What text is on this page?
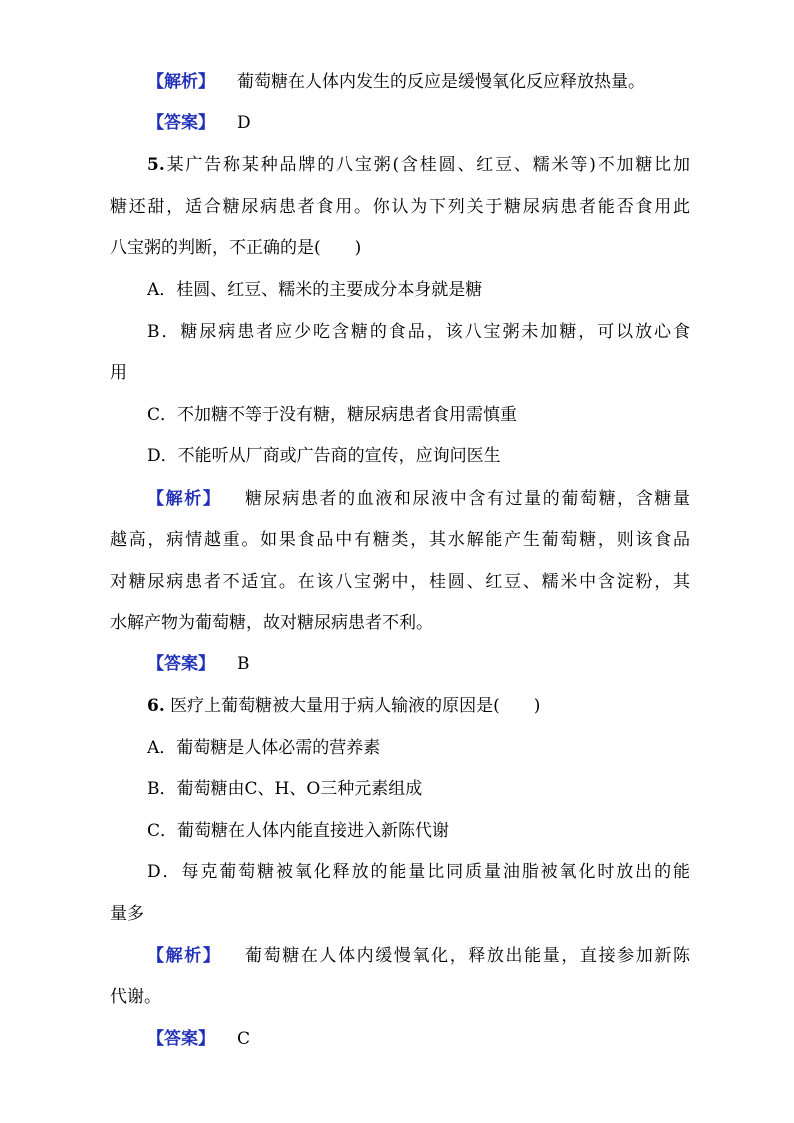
【解析】 葡萄糖在人体内发生的反应是缓慢氧化反应释放热量。
【答案】 D
5.某广告称某种品牌的八宝粥(含桂圆、红豆、糯米等)不加糖比加
糖还甜，适合糖尿病患者食用。你认为下列关于糖尿病患者能否食用此
八宝粥的判断，不正确的是(　　)
A．桂圆、红豆、糯米的主要成分本身就是糖
B．糖尿病患者应少吃含糖的食品，该八宝粥未加糖，可以放心食
用
C．不加糖不等于没有糖，糖尿病患者食用需慎重
D．不能听从厂商或广告商的宣传，应询问医生
【解析】 糖尿病患者的血液和尿液中含有过量的葡萄糖，含糖量
越高，病情越重。如果食品中有糖类，其水解能产生葡萄糖，则该食品
对糖尿病患者不适宜。在该八宝粥中，桂圆、红豆、糯米中含淀粉，其
水解产物为葡萄糖，故对糖尿病患者不利。
【答案】 B
6. 医疗上葡萄糖被大量用于病人输液的原因是(　　)
A．葡萄糖是人体必需的营养素
B．葡萄糖由C、H、O三种元素组成
C．葡萄糖在人体内能直接进入新陈代谢
D．每克葡萄糖被氧化释放的能量比同质量油脂被氧化时放出的能
量多
【解析】 葡萄糖在人体内缓慢氧化，释放出能量，直接参加新陈
代谢。
【答案】 C
